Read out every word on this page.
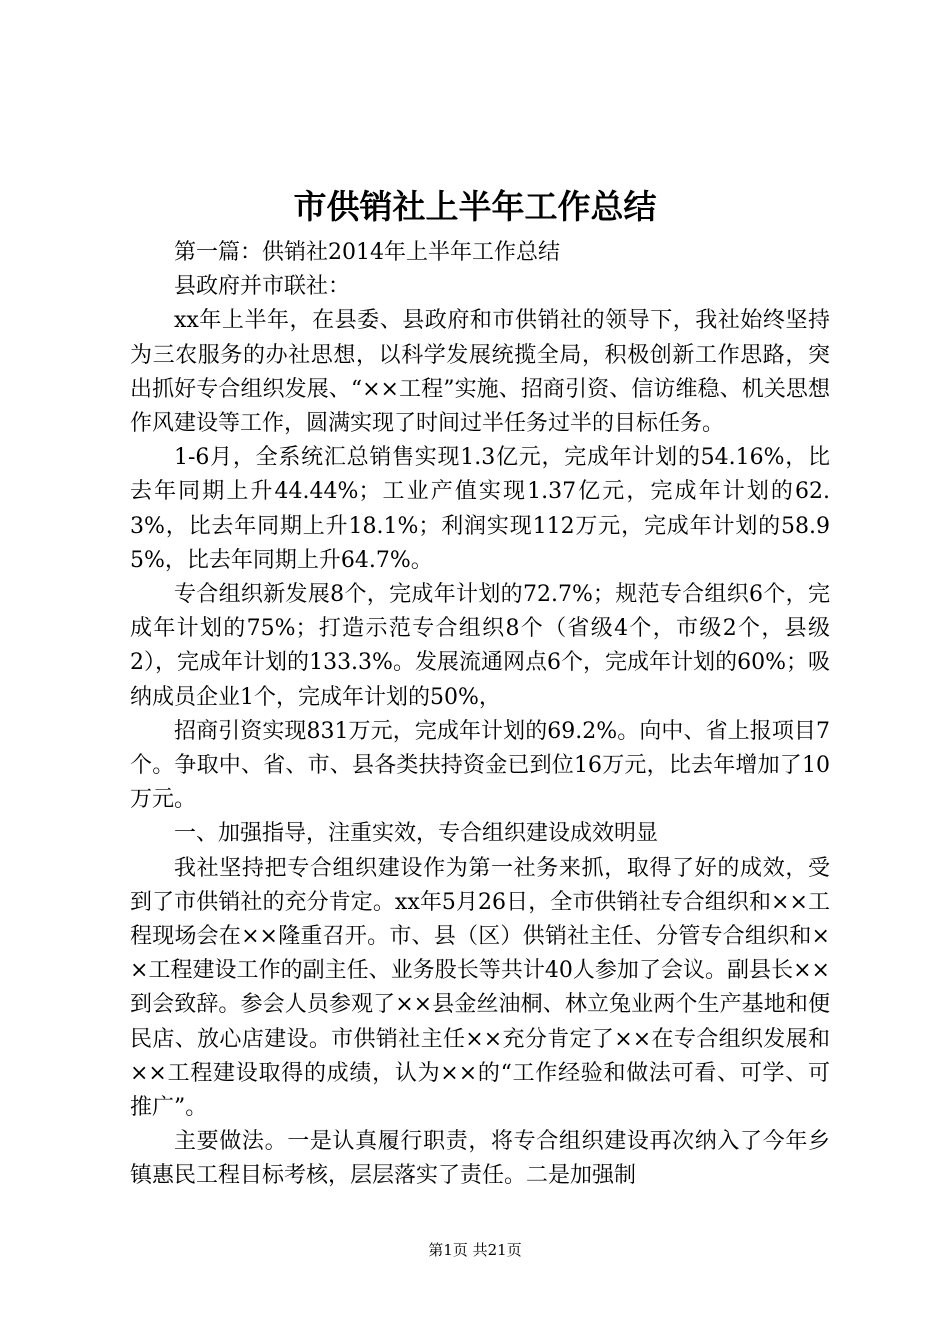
市供销社上半年工作总结

第一篇：供销社2014年上半年工作总结

县政府并市联社：

xx年上半年，在县委、县政府和市供销社的领导下，我社始终坚持为三农服务的办社思想，以科学发展统揽全局，积极创新工作思路，突出抓好专合组织发展、“××工程”实施、招商引资、信访维稳、机关思想作风建设等工作，圆满实现了时间过半任务过半的目标任务。

1-6月，全系统汇总销售实现1.3亿元，完成年计划的54.16%，比去年同期上升44.44%；工业产值实现1.37亿元，完成年计划的62.3%，比去年同期上升18.1%；利润实现112万元，完成年计划的58.95%，比去年同期上升64.7%。

专合组织新发展8个，完成年计划的72.7%；规范专合组织6个，完成年计划的75%；打造示范专合组织8个（省级4个，市级2个，县级2），完成年计划的133.3%。发展流通网点6个，完成年计划的60%；吸纳成员企业1个，完成年计划的50%，

招商引资实现831万元，完成年计划的69.2%。向中、省上报项目7个。争取中、省、市、县各类扶持资金已到位16万元，比去年增加了10万元。

一、加强指导，注重实效，专合组织建设成效明显

我社坚持把专合组织建设作为第一社务来抓，取得了好的成效，受到了市供销社的充分肯定。xx年5月26日，全市供销社专合组织和××工程现场会在××隆重召开。市、县（区）供销社主任、分管专合组织和××工程建设工作的副主任、业务股长等共计40人参加了会议。副县长××到会致辞。参会人员参观了××县金丝油桐、林立兔业两个生产基地和便民店、放心店建设。市供销社主任××充分肯定了××在专合组织发展和××工程建设取得的成绩，认为××的“工作经验和做法可看、可学、可推广”。

主要做法。一是认真履行职责，将专合组织建设再次纳入了今年乡镇惠民工程目标考核，层层落实了责任。二是加强制

第1页 共21页
